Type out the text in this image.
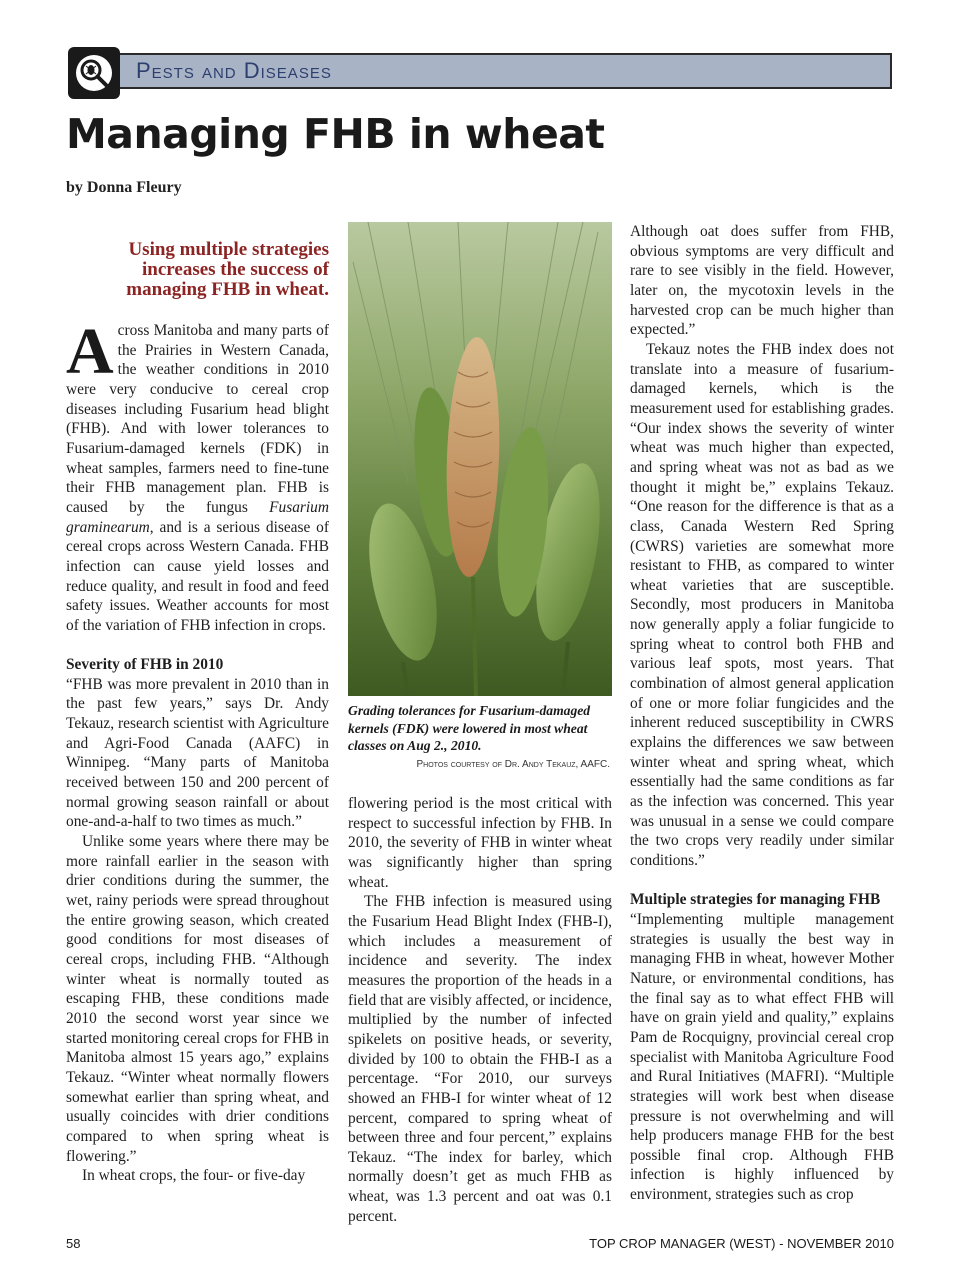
Pests and Diseases
Managing FHB in wheat

by Donna Fleury

Using multiple strategies increases the success of managing FHB in wheat.

Across Manitoba and many parts of the Prairies in Western Canada, the weather conditions in 2010 were very conducive to cereal crop diseases including Fusarium head blight (FHB). And with lower tolerances to Fusarium-damaged kernels (FDK) in wheat samples, farmers need to fine-tune their FHB management plan. FHB is caused by the fungus Fusarium graminearum, and is a serious disease of cereal crops across Western Canada. FHB infection can cause yield losses and reduce quality, and result in food and feed safety issues. Weather accounts for most of the variation of FHB infection in crops.

Severity of FHB in 2010

“FHB was more prevalent in 2010 than in the past few years,” says Dr. Andy Tekauz, research scientist with Agriculture and Agri-Food Canada (AAFC) in Winnipeg. “Many parts of Manitoba received between 150 and 200 percent of normal growing season rainfall or about one-and-a-half to two times as much.”

Unlike some years where there may be more rainfall earlier in the season with drier conditions during the summer, the wet, rainy periods were spread throughout the entire growing season, which created good conditions for most diseases of cereal crops, including FHB. “Although winter wheat is normally touted as escaping FHB, these conditions made 2010 the second worst year since we started monitoring cereal crops for FHB in Manitoba almost 15 years ago,” explains Tekauz. “Winter wheat normally flowers somewhat earlier than spring wheat, and usually coincides with drier conditions compared to when spring wheat is flowering.”

In wheat crops, the four- or five-day

Grading tolerances for Fusarium-damaged kernels (FDK) were lowered in most wheat classes on Aug 2., 2010.

Photos courtesy of Dr. Andy Tekauz, AAFC.

flowering period is the most critical with respect to successful infection by FHB. In 2010, the severity of FHB in winter wheat was significantly higher than spring wheat.

The FHB infection is measured using the Fusarium Head Blight Index (FHB-I), which includes a measurement of incidence and severity. The index measures the proportion of the heads in a field that are visibly affected, or incidence, multiplied by the number of infected spikelets on positive heads, or severity, divided by 100 to obtain the FHB-I as a percentage. “For 2010, our surveys showed an FHB-I for winter wheat of 12 percent, compared to spring wheat of between three and four percent,” explains Tekauz. “The index for barley, which normally doesn’t get as much FHB as wheat, was 1.3 percent and oat was 0.1 percent.

Although oat does suffer from FHB, obvious symptoms are very difficult and rare to see visibly in the field. However, later on, the mycotoxin levels in the harvested crop can be much higher than expected.”

Tekauz notes the FHB index does not translate into a measure of fusarium-damaged kernels, which is the measurement used for establishing grades. “Our index shows the severity of winter wheat was much higher than expected, and spring wheat was not as bad as we thought it might be,” explains Tekauz. “One reason for the difference is that as a class, Canada Western Red Spring (CWRS) varieties are somewhat more resistant to FHB, as compared to winter wheat varieties that are susceptible. Secondly, most producers in Manitoba now generally apply a foliar fungicide to spring wheat to control both FHB and various leaf spots, most years. That combination of almost general application of one or more foliar fungicides and the inherent reduced susceptibility in CWRS explains the differences we saw between winter wheat and spring wheat, which essentially had the same conditions as far as the infection was concerned. This year was unusual in a sense we could compare the two crops very readily under similar conditions.”

Multiple strategies for managing FHB

“Implementing multiple management strategies is usually the best way in managing FHB in wheat, however Mother Nature, or environmental conditions, has the final say as to what effect FHB will have on grain yield and quality,” explains Pam de Rocquigny, provincial cereal crop specialist with Manitoba Agriculture Food and Rural Initiatives (MAFRI). “Multiple strategies will work best when disease pressure is not overwhelming and will help producers manage FHB for the best possible final crop. Although FHB infection is highly influenced by environment, strategies such as crop

58	TOP CROP MANAGER (WEST) - NOVEMBER 2010
